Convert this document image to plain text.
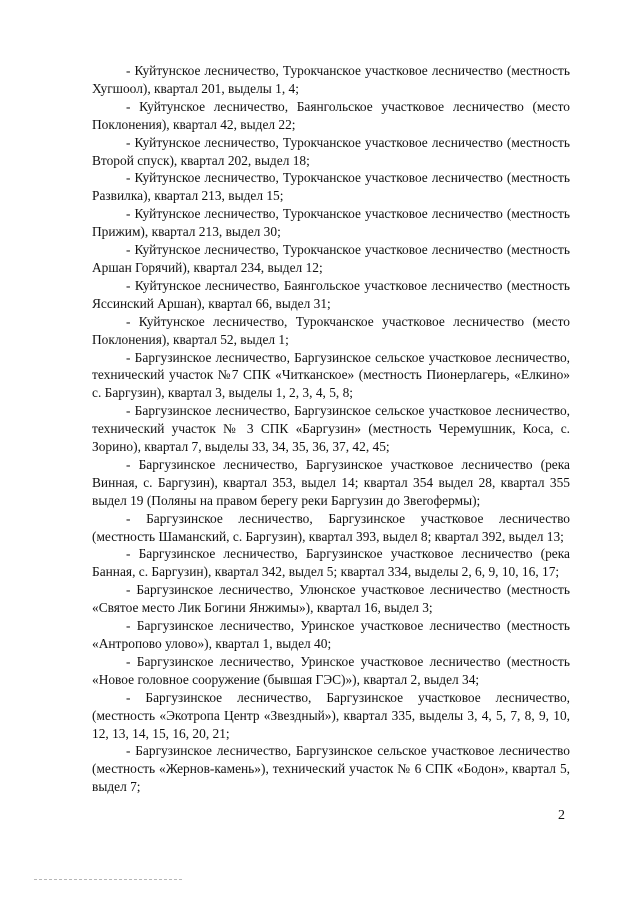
- Куйтунское лесничество, Турокчанское участковое лесничество (местность Хугшоол), квартал 201, выделы 1, 4;

- Куйтунское лесничество, Баянгольское участковое лесничество (место Поклонения), квартал 42, выдел 22;

- Куйтунское лесничество, Турокчанское участковое лесничество (местность Второй спуск), квартал 202, выдел 18;

- Куйтунское лесничество, Турокчанское участковое лесничество (местность Развилка), квартал 213, выдел 15;

- Куйтунское лесничество, Турокчанское участковое лесничество (местность Прижим), квартал 213, выдел 30;

- Куйтунское лесничество, Турокчанское участковое лесничество (местность Аршан Горячий), квартал 234, выдел 12;

- Куйтунское лесничество, Баянгольское участковое лесничество (местность Яссинский Аршан), квартал 66, выдел 31;

- Куйтунское лесничество, Турокчанское участковое лесничество (место Поклонения), квартал 52, выдел 1;

- Баргузинское лесничество, Баргузинское сельское участковое лесничество, технический участок №7 СПК «Читканское» (местность Пионерлагерь, «Елкино» с. Баргузин), квартал 3, выделы 1, 2, 3, 4, 5, 8;

- Баргузинское лесничество, Баргузинское сельское участковое лесничество, технический участок № 3 СПК «Баргузин» (местность Черемушник, Коса, с. Зорино), квартал 7, выделы 33, 34, 35, 36, 37, 42, 45;

- Баргузинское лесничество, Баргузинское участковое лесничество (река Винная, с. Баргузин), квартал 353, выдел 14; квартал 354 выдел 28, квартал 355 выдел 19 (Поляны на правом берегу реки Баргузин до Звerофермы);

- Баргузинское лесничество, Баргузинское участковое лесничество (местность Шаманский, с. Баргузин), квартал 393, выдел 8; квартал 392, выдел 13;

- Баргузинское лесничество, Баргузинское участковое лесничество (река Банная, с. Баргузин), квартал 342, выдел 5; квартал 334, выделы 2, 6, 9, 10, 16, 17;

- Баргузинское лесничество, Улюнское участковое лесничество (местность «Святое место Лик Богини Янжимы»), квартал 16, выдел 3;

- Баргузинское лесничество, Уринское участковое лесничество (местность «Антропово улово»), квартал 1, выдел 40;

- Баргузинское лесничество, Уринское участковое лесничество (местность «Новое головное сооружение (бывшая ГЭС)»), квартал 2, выдел 34;

- Баргузинское лесничество, Баргузинское участковое лесничество, (местность «Экотропа Центр «Звездный»), квартал 335, выделы 3, 4, 5, 7, 8, 9, 10, 12, 13, 14, 15, 16, 20, 21;

- Баргузинское лесничество, Баргузинское сельское участковое лесничество (местность «Жернов-камень»), технический участок № 6 СПК «Бодон», квартал 5, выдел 7;

2
